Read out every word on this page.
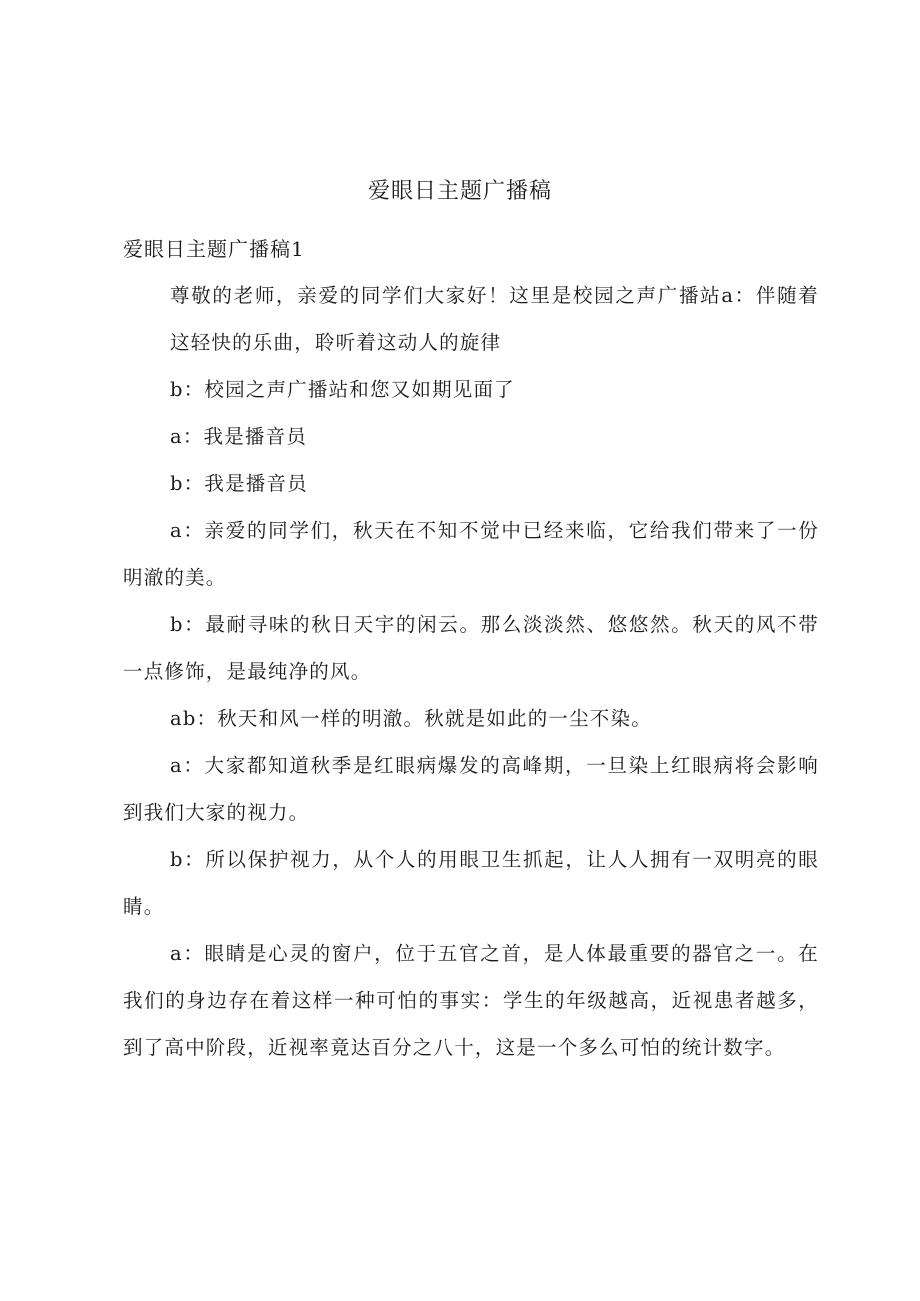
爱眼日主题广播稿
爱眼日主题广播稿1

尊敬的老师，亲爱的同学们大家好！这里是校园之声广播站a：伴随着这轻快的乐曲，聆听着这动人的旋律

b：校园之声广播站和您又如期见面了

a：我是播音员

b：我是播音员

a：亲爱的同学们，秋天在不知不觉中已经来临，它给我们带来了一份明澈的美。

b：最耐寻味的秋日天宇的闲云。那么淡淡然、悠悠然。秋天的风不带一点修饰，是最纯净的风。

ab：秋天和风一样的明澈。秋就是如此的一尘不染。

a：大家都知道秋季是红眼病爆发的高峰期，一旦染上红眼病将会影响到我们大家的视力。

b：所以保护视力，从个人的用眼卫生抓起，让人人拥有一双明亮的眼睛。

a：眼睛是心灵的窗户，位于五官之首，是人体最重要的器官之一。在我们的身边存在着这样一种可怕的事实：学生的年级越高，近视患者越多，到了高中阶段，近视率竟达百分之八十，这是一个多么可怕的统计数字。
